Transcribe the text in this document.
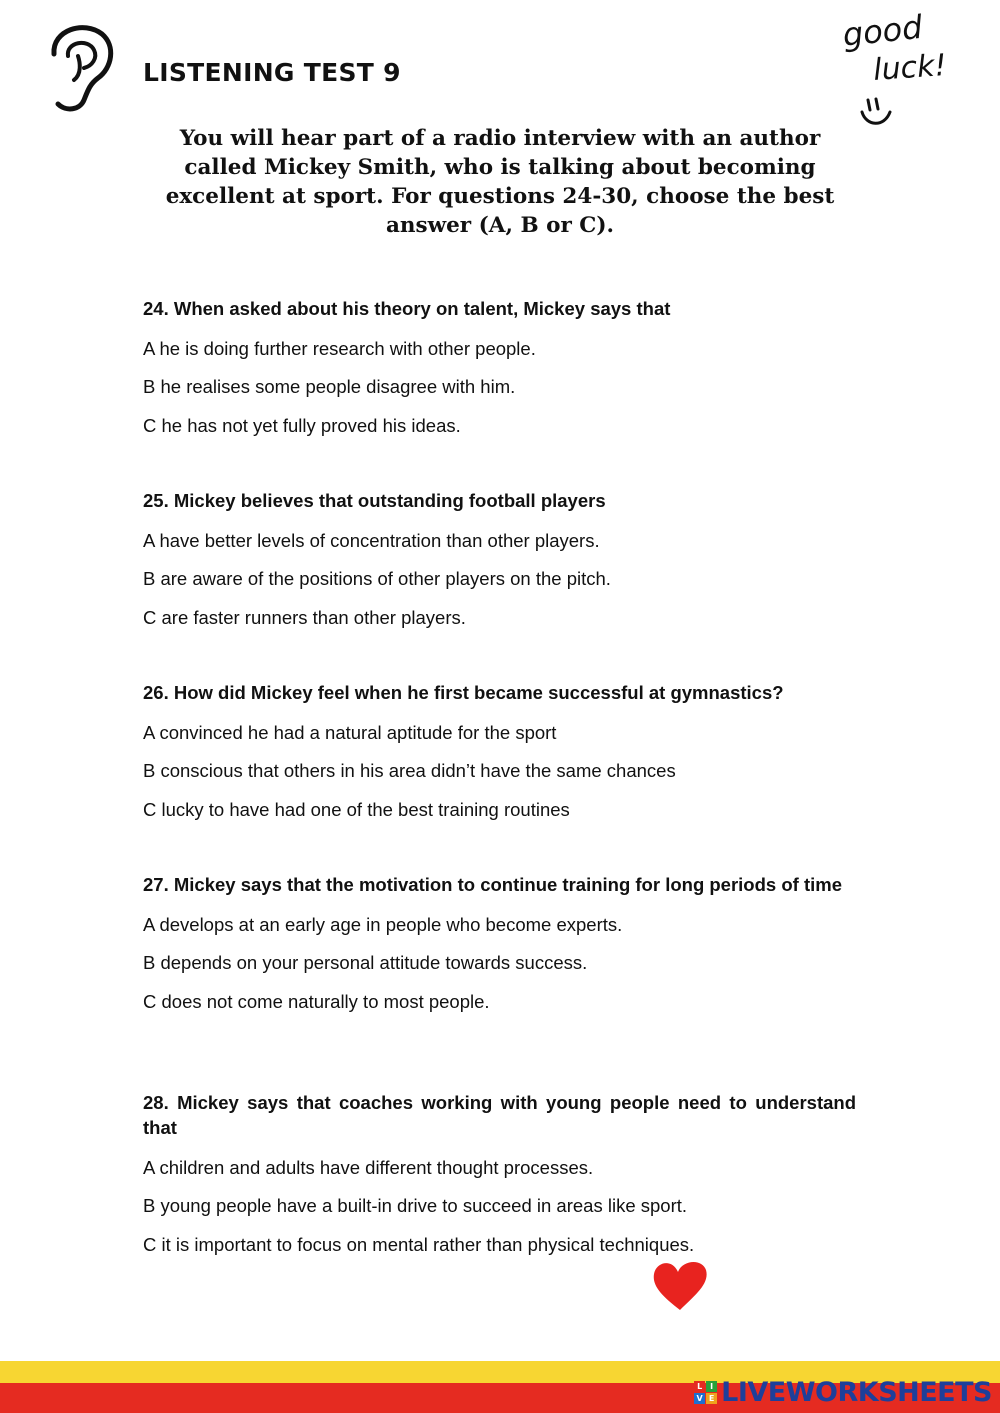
LISTENING TEST 9
good
luck!
You will hear part of a radio interview with an author called Mickey Smith, who is talking about becoming excellent at sport. For questions 24-30, choose the best answer (A, B or C).

24. When asked about his theory on talent, Mickey says that

A he is doing further research with other people.
B he realises some people disagree with him.
C he has not yet fully proved his ideas.

25. Mickey believes that outstanding football players

A have better levels of concentration than other players.
B are aware of the positions of other players on the pitch.
C are faster runners than other players.

26. How did Mickey feel when he first became successful at gymnastics?

A convinced he had a natural aptitude for the sport
B conscious that others in his area didn’t have the same chances
C lucky to have had one of the best training routines

27. Mickey says that the motivation to continue training for long periods of time

A develops at an early age in people who become experts.
B depends on your personal attitude towards success.
C does not come naturally to most people.

28. Mickey says that coaches working with young people need to understand that

A children and adults have different thought processes.
B young people have a built-in drive to succeed in areas like sport.
C it is important to focus on mental rather than physical techniques.
L I
V E LIVEWORKSHEETS
